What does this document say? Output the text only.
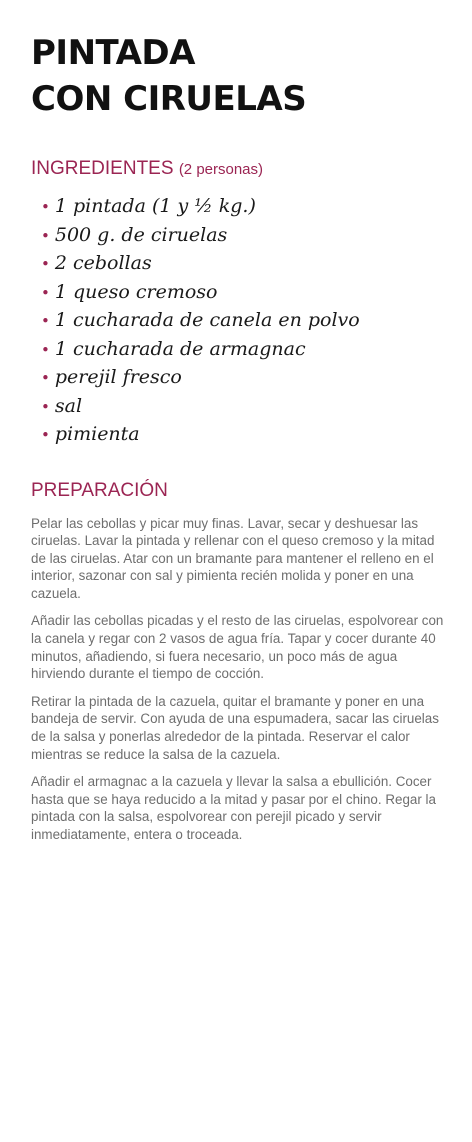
PINTADA
CON CIRUELAS
INGREDIENTES (2 personas)
• 1 pintada (1 y ½ kg.)
• 500 g. de ciruelas
• 2 cebollas
• 1 queso cremoso
• 1 cucharada de canela en polvo
• 1 cucharada de armagnac
• perejil fresco
• sal
• pimienta
PREPARACIÓN

Pelar las cebollas y picar muy finas. Lavar, secar y deshuesar las ciruelas. Lavar la pintada y rellenar con el queso cremoso y la mitad de las ciruelas. Atar con un bramante para mantener el relleno en el interior, sazonar con sal y pimienta recién molida y poner en una cazuela.

Añadir las cebollas picadas y el resto de las ciruelas, espolvorear con la canela y regar con 2 vasos de agua fría. Tapar y cocer durante 40 minutos, añadiendo, si fuera necesario, un poco más de agua hirviendo durante el tiempo de cocción.

Retirar la pintada de la cazuela, quitar el bramante y poner en una bandeja de servir. Con ayuda de una espumadera, sacar las ciruelas de la salsa y ponerlas alrededor de la pintada. Reservar el calor mientras se reduce la salsa de la cazuela.

Añadir el armagnac a la cazuela y llevar la salsa a ebullición. Cocer hasta que se haya reducido a la mitad y pasar por el chino. Regar la pintada con la salsa, espolvorear con perejil picado y servir inmediatamente, entera o troceada.
